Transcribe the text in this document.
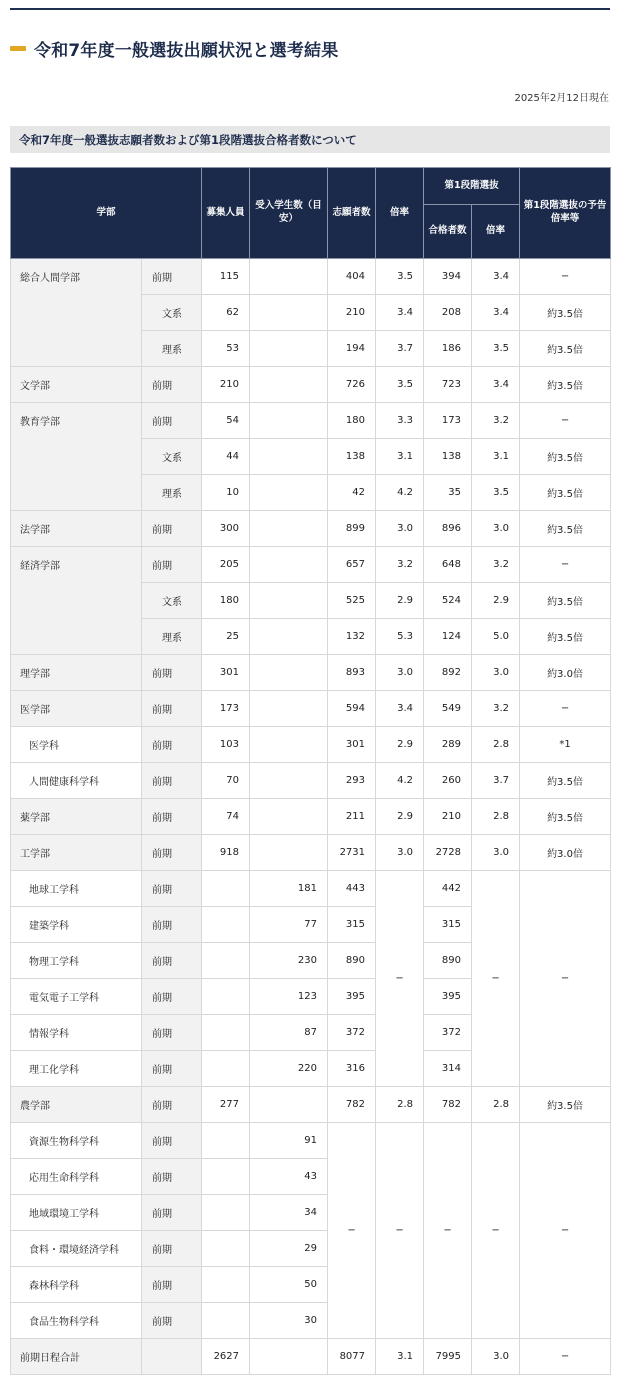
令和7年度一般選抜出願状況と選考結果
2025年2月12日現在
令和7年度一般選抜志願者数および第1段階選抜合格者数について
学部		募集人員	受入学生数（目安）	志願者数	倍率	第1段階選抜		第1段階選抜の予告倍率等
						合格者数	倍率	
総合人間学部	前期	115		404	3.5	394	3.4	−
	文系	62		210	3.4	208	3.4	約3.5倍
	理系	53		194	3.7	186	3.5	約3.5倍
文学部	前期	210		726	3.5	723	3.4	約3.5倍
教育学部	前期	54		180	3.3	173	3.2	−
	文系	44		138	3.1	138	3.1	約3.5倍
	理系	10		42	4.2	35	3.5	約3.5倍
法学部	前期	300		899	3.0	896	3.0	約3.5倍
経済学部	前期	205		657	3.2	648	3.2	−
	文系	180		525	2.9	524	2.9	約3.5倍
	理系	25		132	5.3	124	5.0	約3.5倍
理学部	前期	301		893	3.0	892	3.0	約3.0倍
医学部	前期	173		594	3.4	549	3.2	−
医学科	前期	103		301	2.9	289	2.8	*1
人間健康科学科	前期	70		293	4.2	260	3.7	約3.5倍
薬学部	前期	74		211	2.9	210	2.8	約3.5倍
工学部	前期	918		2731	3.0	2728	3.0	約3.0倍
地球工学科	前期		181	443	−	442	−	−
建築学科	前期		77	315		315		
物理工学科	前期		230	890		890		
電気電子工学科	前期		123	395		395		
情報学科	前期		87	372		372		
理工化学科	前期		220	316		314		
農学部	前期	277		782	2.8	782	2.8	約3.5倍
資源生物科学科	前期		91	−	−	−	−	−
応用生命科学科	前期		43					
地域環境工学科	前期		34					
食料・環境経済学科	前期		29					
森林科学科	前期		50					
食品生物科学科	前期		30					
前期日程合計		2627		8077	3.1	7995	3.0	−
